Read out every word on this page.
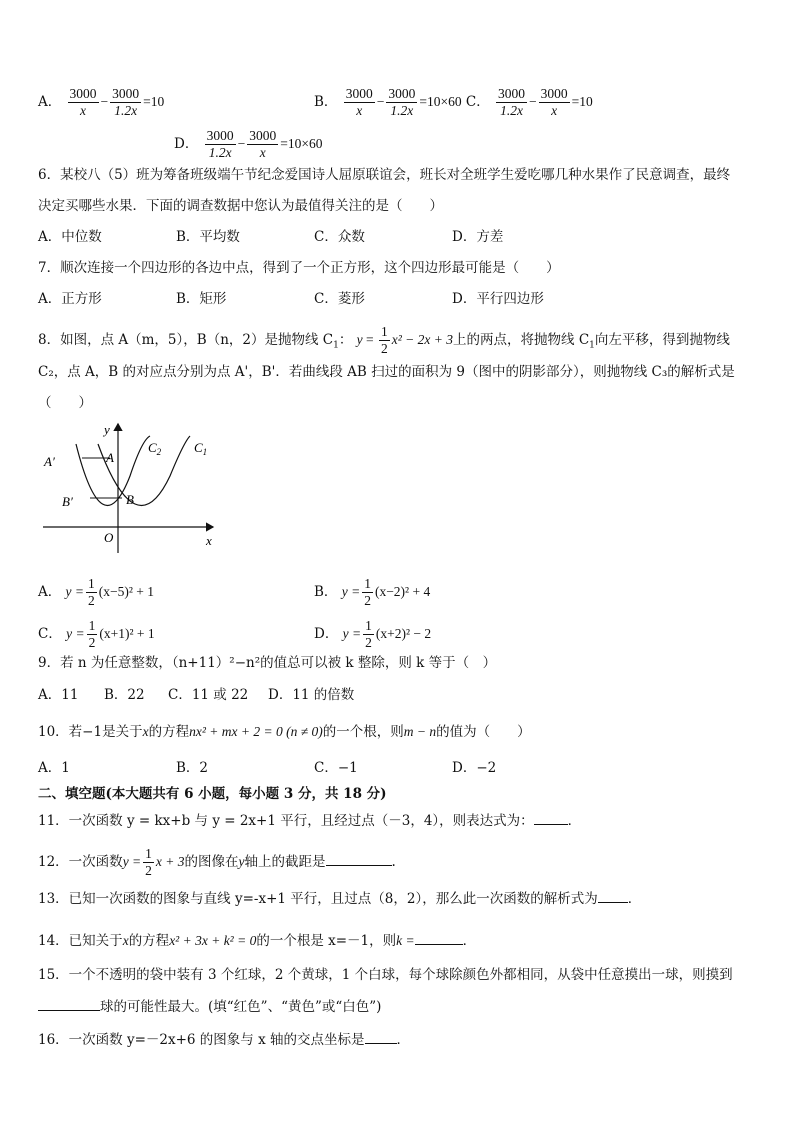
A． $\frac{3000}{x} - \frac{3000}{1.2x} =10$	B． $\frac{3000}{x} - \frac{3000}{1.2x} =10\times 60$ C． $\frac{3000}{1.2x} - \frac{3000}{x} =10$
D． $\frac{3000}{1.2x} - \frac{3000}{x} =10\times 60$
6．某校八（5）班为筹备班级端午节纪念爱国诗人屈原联谊会，班长对全班学生爱吃哪几种水果作了民意调查，最终
决定买哪些水果．下面的调查数据中您认为最值得关注的是（　　）
A．中位数	B．平均数	C．众数	D．方差
7．顺次连接一个四边形的各边中点，得到了一个正方形，这个四边形最可能是（　　）
A．正方形	B．矩形	C．菱形	D．平行四边形
8．如图，点 A（m，5），B（n，2）是抛物线 $C_1$： $y = \frac{1}{2} x^2 - 2x + 3$上的两点，将抛物线 $C_1$向左平移，得到抛物线
C₂，点 A，B 的对应点分别为点 A'，B'．若曲线段 AB 扫过的面积为 9（图中的阴影部分），则抛物线 C₃的解析式是
（　　）
y
x
O
A
A′
B
B′
$C_2$	$C_1$
A． $y = \frac{1}{2} (x-5)^2 + 1$	B． $y = \frac{1}{2} (x-2)^2 + 4$
C． $y = \frac{1}{2} (x+1)^2 + 1$	D． $y = \frac{1}{2} (x+2)^2 - 2$
9．若 n 为任意整数，（n+11）²−n²的值总可以被 k 整除，则 k 等于（　）
A．11 B．22 C．11 或 22 D．11 的倍数
10．若−1是关于x的方程nx² + mx + 2 = 0 (n ≠ 0)的一个根，则m − n的值为（　　）
A．1	B．2	C．−1	D．−2
二、填空题(本大题共有 6 小题，每小题 3 分，共 18 分)
11．一次函数 y = kx+b 与 y = 2x+1 平行，且经过点（－3，4），则表达式为：	．
12．一次函数$y = \frac{1}{2}$ x + 3的图像在y轴上的截距是	.
13．已知一次函数的图象与直线 y=-x+1 平行，且过点（8，2），那么此一次函数的解析式为 ．
14．已知关于x的方程x² + 3x + k² = 0的一个根是 x=－1，则k =	．
15．一个不透明的袋中装有 3 个红球，2 个黄球，1 个白球，每个球除颜色外都相同，从袋中任意摸出一球，则摸到
球的可能性最大。(填“红色”、“黄色”或“白色”)
16．一次函数 y=－2x+6 的图象与 x 轴的交点坐标是 ．
